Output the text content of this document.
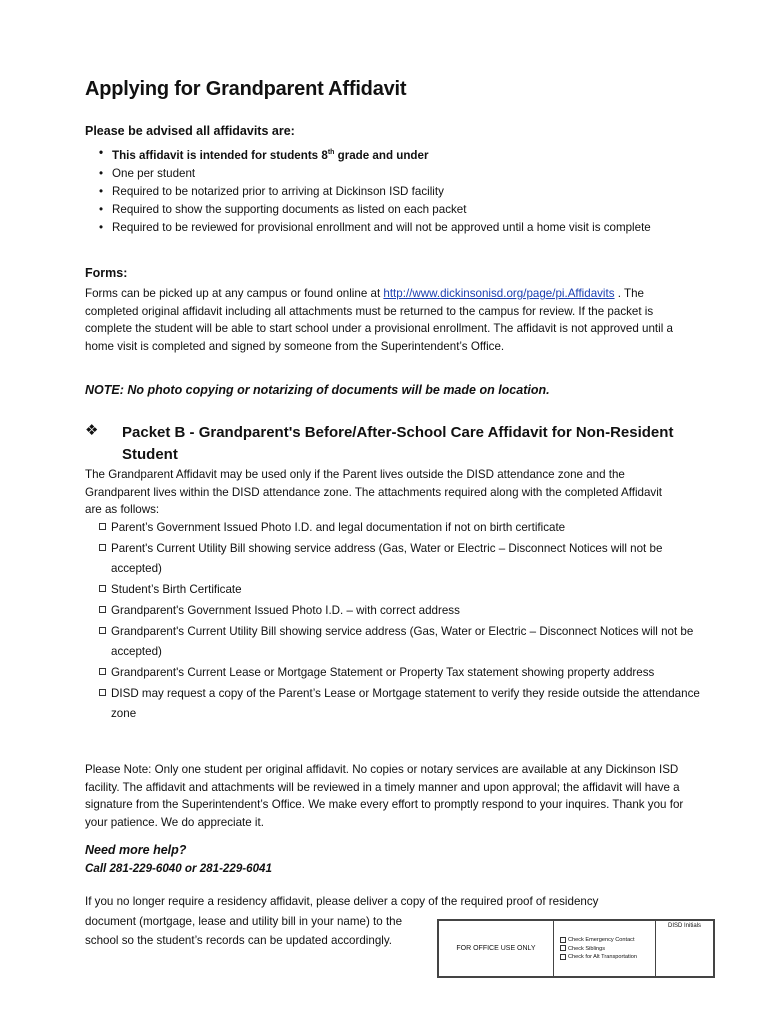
Applying for Grandparent Affidavit
Please be advised all affidavits are:
• This affidavit is intended for students 8th grade and under
• One per student
• Required to be notarized prior to arriving at Dickinson ISD facility
• Required to show the supporting documents as listed on each packet
• Required to be reviewed for provisional enrollment and will not be approved until a home visit is complete
Forms:
Forms can be picked up at any campus or found online at http://www.dickinsonisd.org/page/pi.Affidavits . The completed original affidavit including all attachments must be returned to the campus for review. If the packet is complete the student will be able to start school under a provisional enrollment. The affidavit is not approved until a home visit is completed and signed by someone from the Superintendent’s Office.
NOTE: No photo copying or notarizing of documents will be made on location.
❖ Packet B - Grandparent's Before/After-School Care Affidavit for Non-Resident Student
The Grandparent Affidavit may be used only if the Parent lives outside the DISD attendance zone and the Grandparent lives within the DISD attendance zone. The attachments required along with the completed Affidavit are as follows:
Parent’s Government Issued Photo I.D. and legal documentation if not on birth certificate
Parent's Current Utility Bill showing service address (Gas, Water or Electric – Disconnect Notices will not be accepted)
Student’s Birth Certificate
Grandparent's Government Issued Photo I.D. – with correct address
Grandparent's Current Utility Bill showing service address (Gas, Water or Electric – Disconnect Notices will not be accepted)
Grandparent's Current Lease or Mortgage Statement or Property Tax statement showing property address
DISD may request a copy of the Parent’s Lease or Mortgage statement to verify they reside outside the attendance zone
Please Note: Only one student per original affidavit. No copies or notary services are available at any Dickinson ISD facility. The affidavit and attachments will be reviewed in a timely manner and upon approval; the affidavit will have a signature from the Superintendent’s Office. We make every effort to promptly respond to your inquires. Thank you for your patience. We do appreciate it.
Need more help?
Call 281-229-6040 or 281-229-6041
If you no longer require a residency affidavit, please deliver a copy of the required proof of residency
document (mortgage, lease and utility bill in your name) to the school so the student’s records can be updated accordingly.
FOR OFFICE USE ONLY
Check Emergency Contact
Check Siblings
Check for Alt Transportation
DISD Initials
